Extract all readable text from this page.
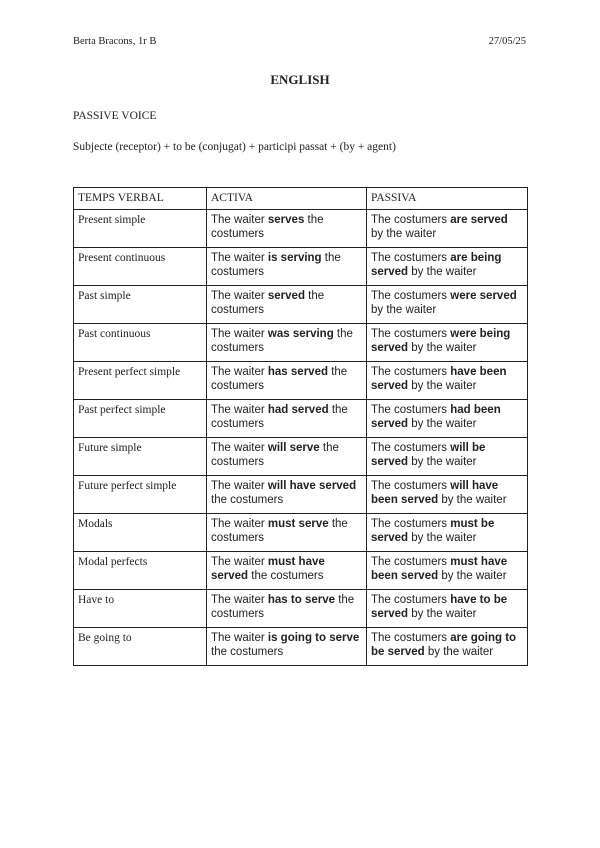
Berta Bracons, 1r B	27/05/25
ENGLISH
PASSIVE VOICE
Subjecte (receptor) + to be (conjugat) + participi passat + (by + agent)
TEMPS VERBAL	ACTIVA	PASSIVA
Present simple	The waiter serves the costumers	The costumers are served by the waiter
Present continuous	The waiter is serving the costumers	The costumers are being served by the waiter
Past simple	The waiter served the costumers	The costumers were served by the waiter
Past continuous	The waiter was serving the costumers	The costumers were being served by the waiter
Present perfect simple	The waiter has served the costumers	The costumers have been served by the waiter
Past perfect simple	The waiter had served the costumers	The costumers had been served by the waiter
Future simple	The waiter will serve the costumers	The costumers will be served by the waiter
Future perfect simple	The waiter will have served the costumers	The costumers will have been served by the waiter
Modals	The waiter must serve the costumers	The costumers must be served by the waiter
Modal perfects	The waiter must have served the costumers	The costumers must have been served by the waiter
Have to	The waiter has to serve the costumers	The costumers have to be served by the waiter
Be going to	The waiter is going to serve the costumers	The costumers are going to be served by the waiter
